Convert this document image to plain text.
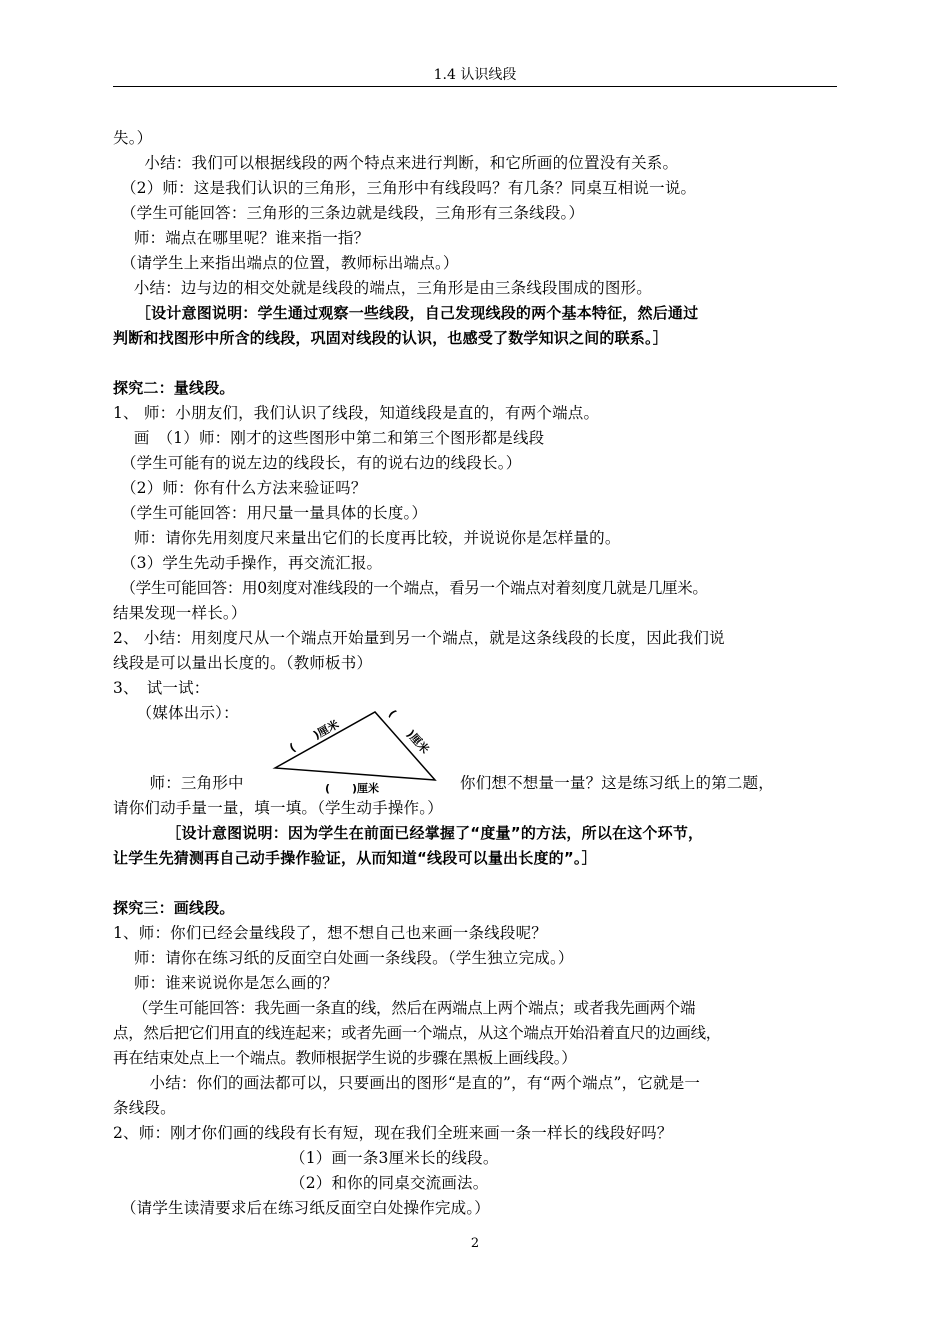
1.4 认识线段
失。）
　　小结：我们可以根据线段的两个特点来进行判断，和它所画的位置没有关系。
　（2）师：这是我们认识的三角形，三角形中有线段吗？有几条？同桌互相说一说。
　（学生可能回答：三角形的三条边就是线段，三角形有三条线段。）
　 师：端点在哪里呢？谁来指一指？
　（请学生上来指出端点的位置，教师标出端点。）
　 小结：边与边的相交处就是线段的端点，三角形是由三条线段围成的图形。
　　［设计意图说明：学生通过观察一些线段，自己发现线段的两个基本特征，然后通过
判断和找图形中所含的线段，巩固对线段的认识，也感受了数学知识之间的联系。］
探究二：量线段。
1、 师：小朋友们，我们认识了线段，知道线段是直的，有两个端点。
　 画　（1）师：刚才的这些图形中第二和第三个图形都是线段
　（学生可能有的说左边的线段长，有的说右边的线段长。）
　（2）师：你有什么方法来验证吗？
　（学生可能回答：用尺量一量具体的长度。）
　 师：请你先用刻度尺来量出它们的长度再比较，并说说你是怎样量的。
　（3）学生先动手操作，再交流汇报。
　（学生可能回答：用0刻度对准线段的一个端点，看另一个端点对着刻度几就是几厘米。
结果发现一样长。）
2、 小结：用刻度尺从一个端点开始量到另一个端点，就是这条线段的长度，因此我们说
线段是可以量出长度的。（教师板书）
3、　试一试：
　　（媒体出示）：
(　　)厘米	(　　)厘米
(　　)厘米
　　 师：三角形中	你们想不想量一量？这是练习纸上的第二题，
请你们动手量一量，填一填。（学生动手操作。）
　　　　［设计意图说明：因为学生在前面已经掌握了“度量”的方法，所以在这个环节，
让学生先猜测再自己动手操作验证，从而知道“线段可以量出长度的”。］
探究三：画线段。
1、师：你们已经会量线段了，想不想自己也来画一条线段呢？
　 师：请你在练习纸的反面空白处画一条线段。（学生独立完成。）
　 师：谁来说说你是怎么画的？
　 （学生可能回答：我先画一条直的线，然后在两端点上两个端点；或者我先画两个端
点，然后把它们用直的线连起来；或者先画一个端点，从这个端点开始沿着直尺的边画线，
再在结束处点上一个端点。教师根据学生说的步骤在黑板上画线段。）
　　 小结：你们的画法都可以，只要画出的图形“是直的”，有“两个端点”，它就是一
条线段。
2、师：刚才你们画的线段有长有短，现在我们全班来画一条一样长的线段好吗？
（1）画一条3厘米长的线段。
（2）和你的同桌交流画法。
　（请学生读清要求后在练习纸反面空白处操作完成。）
2
